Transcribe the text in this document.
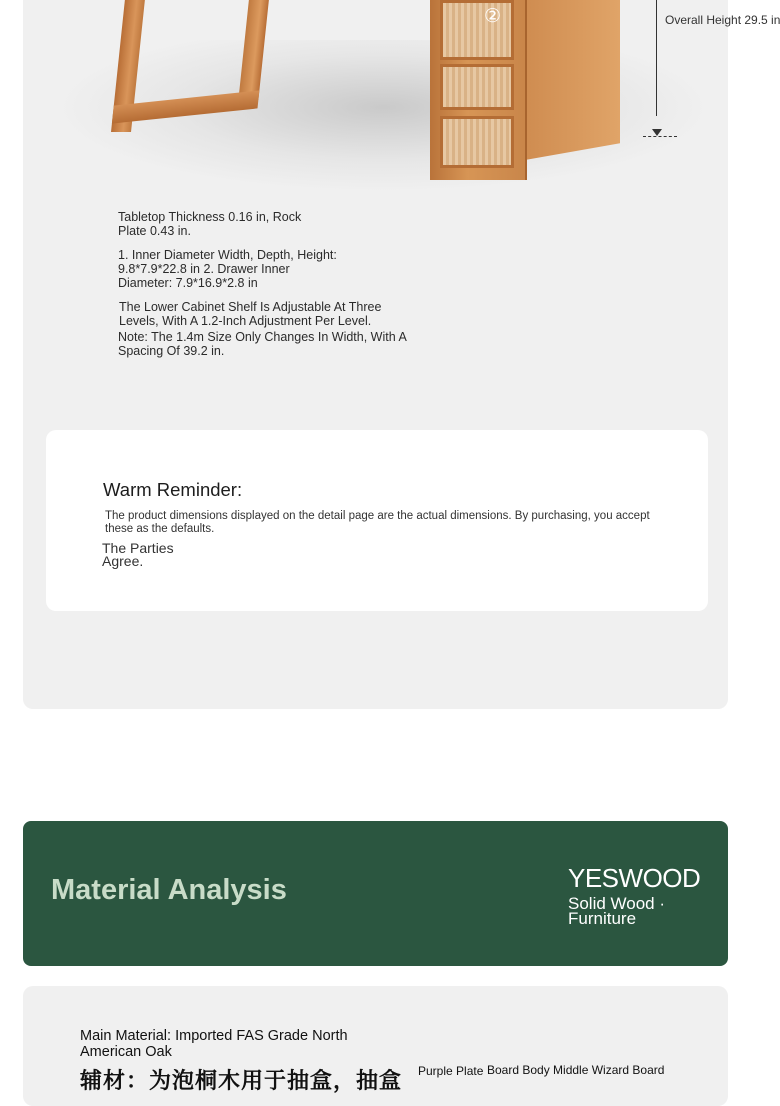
②	Overall Height 29.5 in
Tabletop Thickness 0.16 in, Rock Plate 0.43 in.
1. Inner Diameter Width, Depth, Height: 9.8*7.9*22.8 in 2. Drawer Inner Diameter: 7.9*16.9*2.8 in
The Lower Cabinet Shelf Is Adjustable At Three Levels, With A 1.2-Inch Adjustment Per Level.
Note: The 1.4m Size Only Changes In Width, With A Spacing Of 39.2 in.
Warm Reminder:
The product dimensions displayed on the detail page are the actual dimensions. By purchasing, you accept these as the defaults.
The Parties Agree.
Material Analysis	YESWOOD
Solid Wood · Furniture
Main Material: Imported FAS Grade North American Oak
辅材：为泡桐木用于抽盒，抽盒 Purple Plate Board Body Middle Wizard Board
